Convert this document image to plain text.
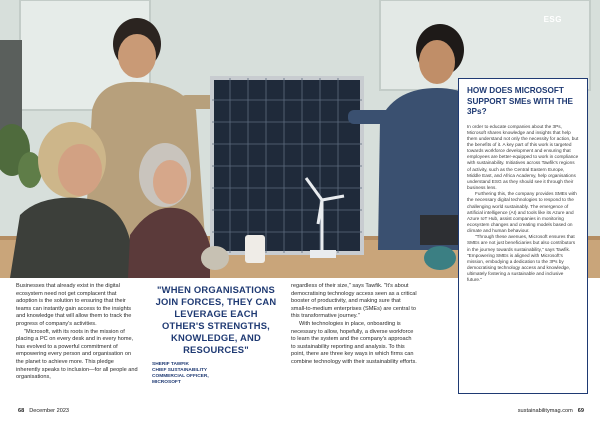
ESG
HOW DOES MICROSOFT SUPPORT SMEs WITH THE 3Ps?

In order to educate companies about the 3Ps, Microsoft shares knowledge and insights that help them understand not only the necessity for action, but the benefits of it. A key part of this work is targeted towards workforce development and ensuring that employees are better-equipped to work in compliance with sustainability. Initiatives across Tawfik's regions of activity, such as the Central Eastern Europe, Middle East, and Africa Academy, help organisations understand ESG as they should see it through their business lens.

Furthering this, the company provides SMEs with the necessary digital technologies to respond to the challenging world sustainably. The emergence of artificial intelligence (AI) and tools like its Azure and Azure IoT Hub, assist companies in monitoring ecosystem changes and creating models based on climate and human behaviour.

"Through these avenues, Microsoft ensures that SMEs are not just beneficiaries but also contributors in the journey towards sustainability," says Tawfik. "Empowering SMEs is aligned with Microsoft's mission, embodying a dedication to the 3Ps by democratising technology access and knowledge, ultimately fostering a sustainable and inclusive future."

Businesses that already exist in the digital ecosystem need not get complacent that adoption is the solution to ensuring that their teams can instantly gain access to the insights and knowledge that will allow them to track the progress of company's activities.

"Microsoft, with its roots in the mission of placing a PC on every desk and in every home, has evolved to a powerful commitment of empowering every person and organisation on the planet to achieve more. This pledge inherently speaks to inclusion—for all people and organisations,

"WHEN ORGANISATIONS JOIN FORCES, THEY CAN LEVERAGE EACH OTHER'S STRENGTHS, KNOWLEDGE, AND RESOURCES"
SHERIF TAWFIK
CHIEF SUSTAINABILITY
COMMERCIAL OFFICER,
MICROSOFT

regardless of their size," says Tawfik. "It's about democratising technology access seen as a critical booster of productivity, and making sure that small-to-medium enterprises (SMEs) are central to this transformative journey."

With technologies in place, onboarding is necessary to allow, hopefully, a diverse workforce to learn the system and the company's approach to sustainability reporting and analysis. To this point, there are three key ways in which firms can combine technology with their sustainability efforts.

68 December 2023	sustainabilitymag.com 69
